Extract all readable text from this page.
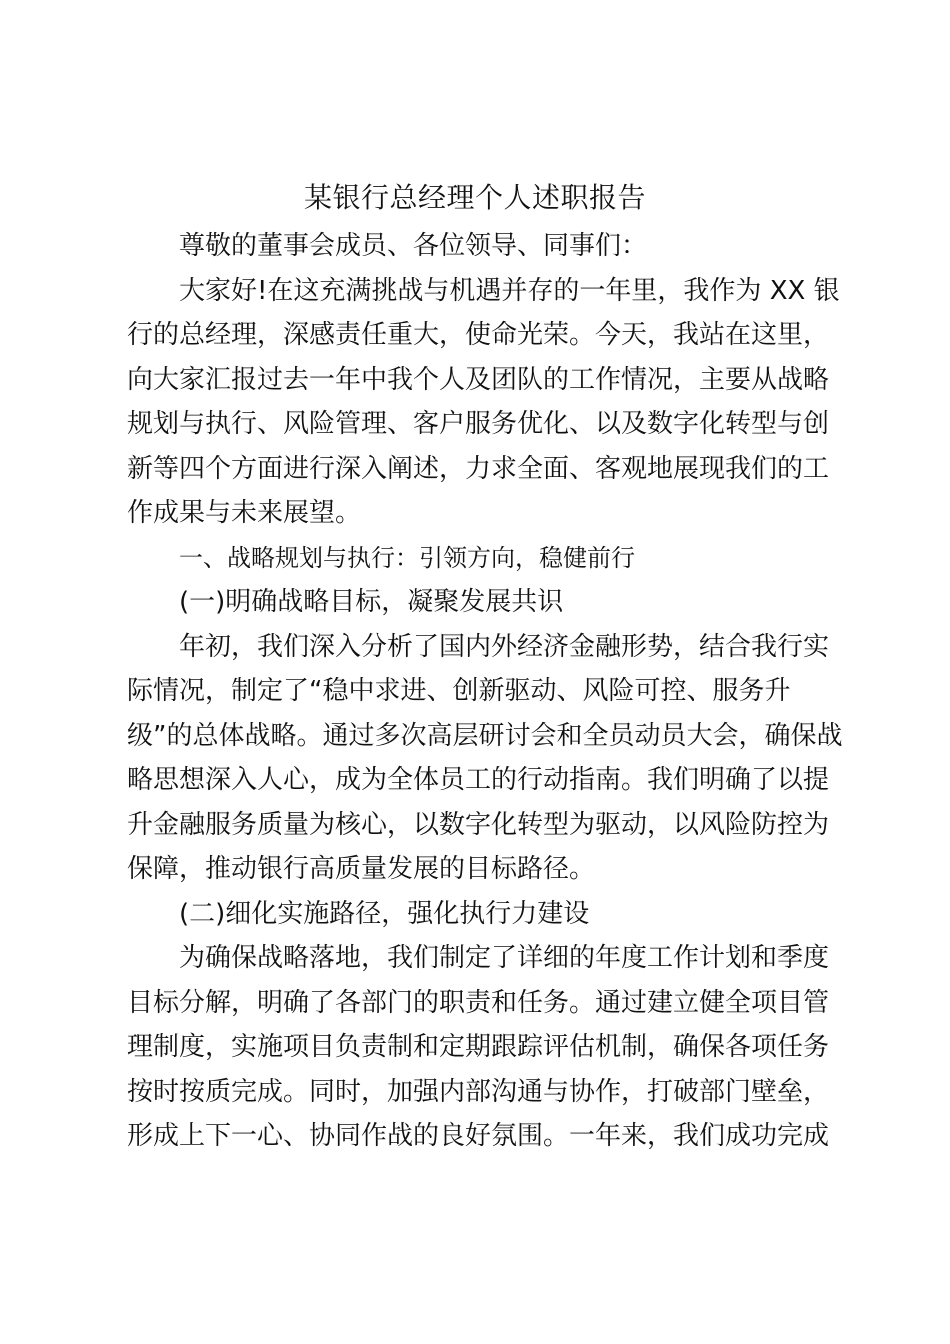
某银行总经理个人述职报告

尊敬的董事会成员、各位领导、同事们：

大家好!在这充满挑战与机遇并存的一年里，我作为 XX 银

行的总经理，深感责任重大，使命光荣。今天，我站在这里，

向大家汇报过去一年中我个人及团队的工作情况，主要从战略

规划与执行、风险管理、客户服务优化、以及数字化转型与创

新等四个方面进行深入阐述，力求全面、客观地展现我们的工

作成果与未来展望。

一、战略规划与执行：引领方向，稳健前行

(一)明确战略目标，凝聚发展共识

年初，我们深入分析了国内外经济金融形势，结合我行实

际情况，制定了“稳中求进、创新驱动、风险可控、服务升

级”的总体战略。通过多次高层研讨会和全员动员大会，确保战

略思想深入人心，成为全体员工的行动指南。我们明确了以提

升金融服务质量为核心，以数字化转型为驱动，以风险防控为

保障，推动银行高质量发展的目标路径。

(二)细化实施路径，强化执行力建设

为确保战略落地，我们制定了详细的年度工作计划和季度

目标分解，明确了各部门的职责和任务。通过建立健全项目管

理制度，实施项目负责制和定期跟踪评估机制，确保各项任务

按时按质完成。同时，加强内部沟通与协作，打破部门壁垒，

形成上下一心、协同作战的良好氛围。一年来，我们成功完成
